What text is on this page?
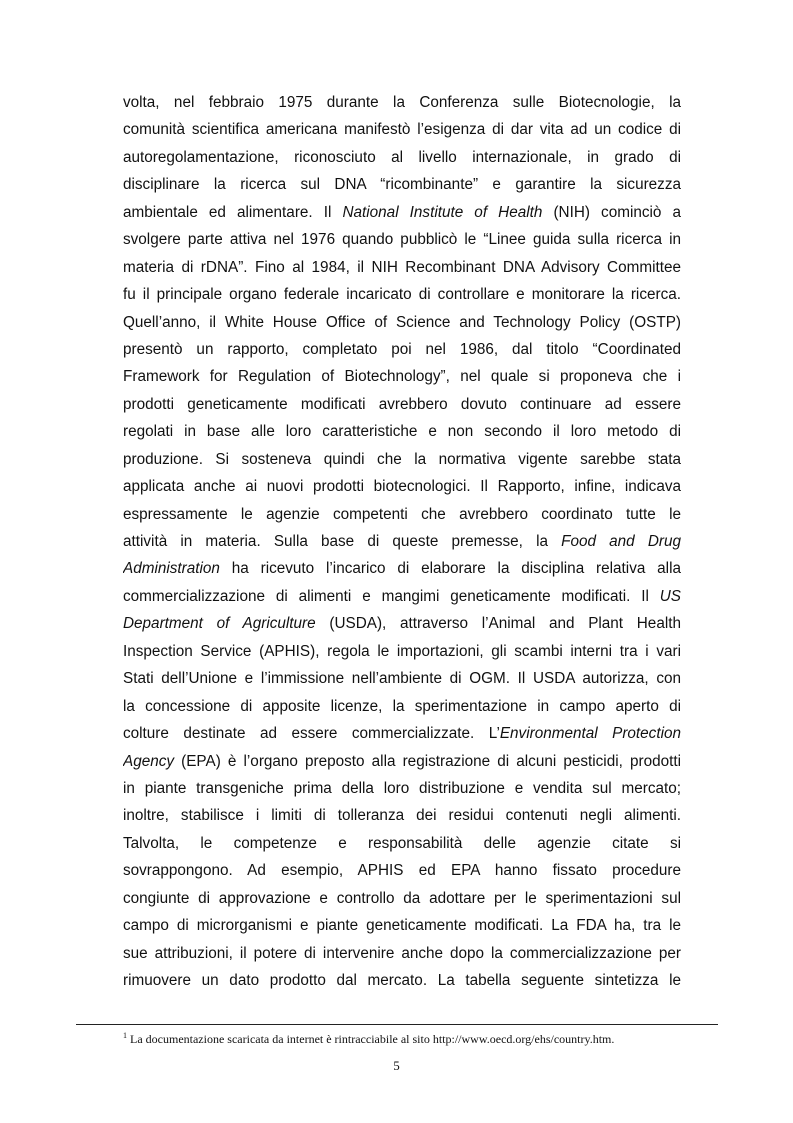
volta, nel febbraio 1975 durante la Conferenza sulle Biotecnologie, la
comunità scientifica americana manifestò l’esigenza di dar vita ad un codice di
autoregolamentazione, riconosciuto al livello internazionale, in grado di
disciplinare la ricerca sul DNA “ricombinante” e garantire la sicurezza
ambientale ed alimentare. Il National Institute of Health (NIH) cominciò a
svolgere parte attiva nel 1976 quando pubblicò le “Linee guida sulla ricerca in
materia di rDNA”. Fino al 1984, il NIH Recombinant DNA Advisory Committee
fu il principale organo federale incaricato di controllare e monitorare la ricerca.
Quell’anno, il White House Office of Science and Technology Policy (OSTP)
presentò un rapporto, completato poi nel 1986, dal titolo “Coordinated
Framework for Regulation of Biotechnology”, nel quale si proponeva che i
prodotti geneticamente modificati avrebbero dovuto continuare ad essere
regolati in base alle loro caratteristiche e non secondo il loro metodo di
produzione. Si sosteneva quindi che la normativa vigente sarebbe stata
applicata anche ai nuovi prodotti biotecnologici. Il Rapporto, infine, indicava
espressamente le agenzie competenti che avrebbero coordinato tutte le
attività in materia. Sulla base di queste premesse, la Food and Drug
Administration ha ricevuto l’incarico di elaborare la disciplina relativa alla
commercializzazione di alimenti e mangimi geneticamente modificati. Il US
Department of Agriculture (USDA), attraverso l’Animal and Plant Health
Inspection Service (APHIS), regola le importazioni, gli scambi interni tra i vari
Stati dell’Unione e l’immissione nell’ambiente di OGM. Il USDA autorizza, con
la concessione di apposite licenze, la sperimentazione in campo aperto di
colture destinate ad essere commercializzate. L’Environmental Protection
Agency (EPA) è l’organo preposto alla registrazione di alcuni pesticidi, prodotti
in piante transgeniche prima della loro distribuzione e vendita sul mercato;
inoltre, stabilisce i limiti di tolleranza dei residui contenuti negli alimenti.
Talvolta, le competenze e responsabilità delle agenzie citate si
sovrappongono. Ad esempio, APHIS ed EPA hanno fissato procedure
congiunte di approvazione e controllo da adottare per le sperimentazioni sul
campo di microrganismi e piante geneticamente modificati. La FDA ha, tra le
sue attribuzioni, il potere di intervenire anche dopo la commercializzazione per
rimuovere un dato prodotto dal mercato. La tabella seguente sintetizza le
$^1$ La documentazione scaricata da internet è rintracciabile al sito http://www.oecd.org/ehs/country.htm.
5
